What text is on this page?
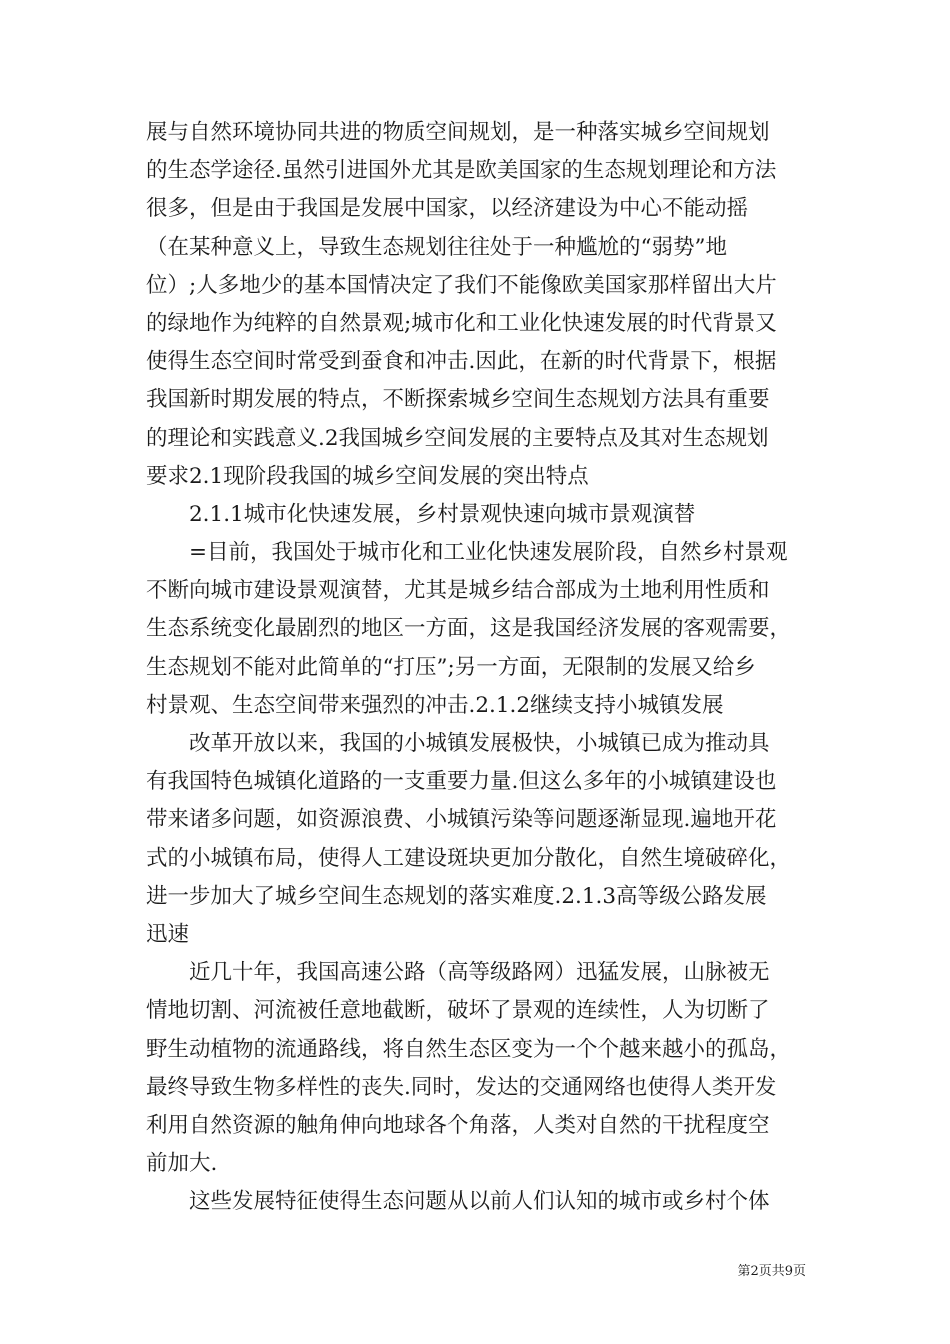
展与自然环境协同共进的物质空间规划，是一种落实城乡空间规划
的生态学途径.虽然引进国外尤其是欧美国家的生态规划理论和方法
很多，但是由于我国是发展中国家，以经济建设为中心不能动摇
（在某种意义上，导致生态规划往往处于一种尴尬的“弱势”地
位）;人多地少的基本国情决定了我们不能像欧美国家那样留出大片
的绿地作为纯粹的自然景观;城市化和工业化快速发展的时代背景又
使得生态空间时常受到蚕食和冲击.因此，在新的时代背景下，根据
我国新时期发展的特点，不断探索城乡空间生态规划方法具有重要
的理论和实践意义.2我国城乡空间发展的主要特点及其对生态规划
要求2.1现阶段我国的城乡空间发展的突出特点
2.1.1城市化快速发展，乡村景观快速向城市景观演替
=目前，我国处于城市化和工业化快速发展阶段，自然乡村景观
不断向城市建设景观演替，尤其是城乡结合部成为土地利用性质和
生态系统变化最剧烈的地区一方面，这是我国经济发展的客观需要，
生态规划不能对此简单的“打压”;另一方面，无限制的发展又给乡
村景观、生态空间带来强烈的冲击.2.1.2继续支持小城镇发展
改革开放以来，我国的小城镇发展极快，小城镇已成为推动具
有我国特色城镇化道路的一支重要力量.但这么多年的小城镇建设也
带来诸多问题，如资源浪费、小城镇污染等问题逐渐显现.遍地开花
式的小城镇布局，使得人工建设斑块更加分散化，自然生境破碎化，
进一步加大了城乡空间生态规划的落实难度.2.1.3高等级公路发展
迅速
近几十年，我国高速公路（高等级路网）迅猛发展，山脉被无
情地切割、河流被任意地截断，破坏了景观的连续性，人为切断了
野生动植物的流通路线，将自然生态区变为一个个越来越小的孤岛，
最终导致生物多样性的丧失.同时，发达的交通网络也使得人类开发
利用自然资源的触角伸向地球各个角落，人类对自然的干扰程度空
前加大.
这些发展特征使得生态问题从以前人们认知的城市或乡村个体
第2页共9页
